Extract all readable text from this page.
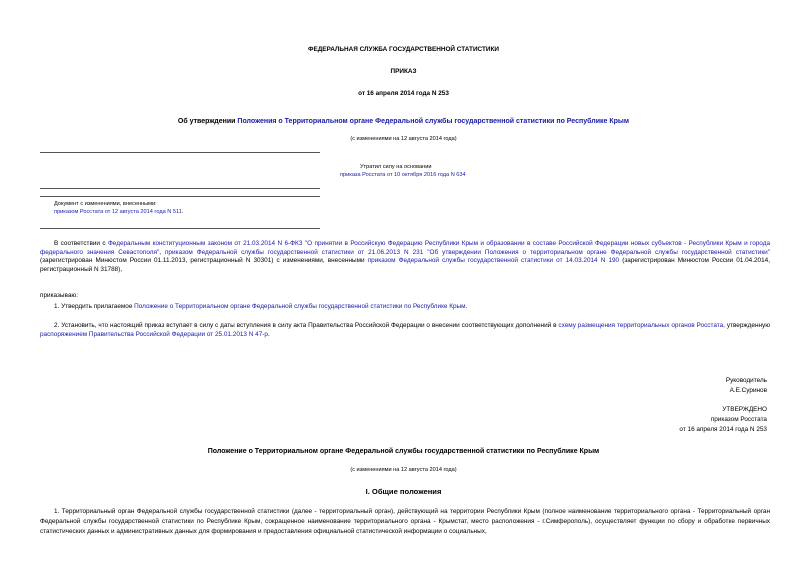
ФЕДЕРАЛЬНАЯ СЛУЖБА ГОСУДАРСТВЕННОЙ СТАТИСТИКИ
ПРИКАЗ
от 16 апреля 2014 года N 253
Об утверждении Положения о Территориальном органе Федеральной службы государственной статистики по Республике Крым
(с изменениями на 12 августа 2014 года)
Утратил силу на основании
приказа Росстата от 10 октября 2016 года N 634
Документ с изменениями, внесенными:
приказом Росстата от 12 августа 2014 года N 511.
В соответствии с Федеральным конституционным законом от 21.03.2014 N 6-ФКЗ "О принятии в Российскую Федерацию Республики Крым и образовании в составе Российской Федерации новых субъектов - Республики Крым и города федерального значения Севастополя", приказом Федеральной службы государственной статистики от 21.06.2013 N 231 "Об утверждении Положения о территориальном органе Федеральной службы государственной статистики" (зарегистрирован Минюстом России 01.11.2013, регистрационный N 30301) с изменениями, внесенными приказом Федеральной службы государственной статистики от 14.03.2014 N 190 (зарегистрирован Минюстом России 01.04.2014, регистрационный N 31788),
приказываю:
1. Утвердить прилагаемое Положение о Территориальном органе Федеральной службы государственной статистики по Республике Крым.
2. Установить, что настоящий приказ вступает в силу с даты вступления в силу акта Правительства Российской Федерации о внесении соответствующих дополнений в схему размещения территориальных органов Росстата, утвержденную распоряжением Правительства Российской Федерации от 25.01.2013 N 47-р.
Руководитель
А.Е.Суринов
УТВЕРЖДЕНО
приказом Росстата
от 16 апреля 2014 года N 253
Положение о Территориальном органе Федеральной службы государственной статистики по Республике Крым
(с изменениями на 12 августа 2014 года)
I. Общие положения
1. Территориальный орган Федеральной службы государственной статистики (далее - территориальный орган), действующий на территории Республики Крым (полное наименование территориального органа - Территориальный орган Федеральной службы государственной статистики по Республике Крым, сокращенное наименование территориального органа - Крымстат, место расположения - г.Симферополь), осуществляет функции по сбору и обработке первичных статистических данных и административных данных для формирования и предоставления официальной статистической информации о социальных,
